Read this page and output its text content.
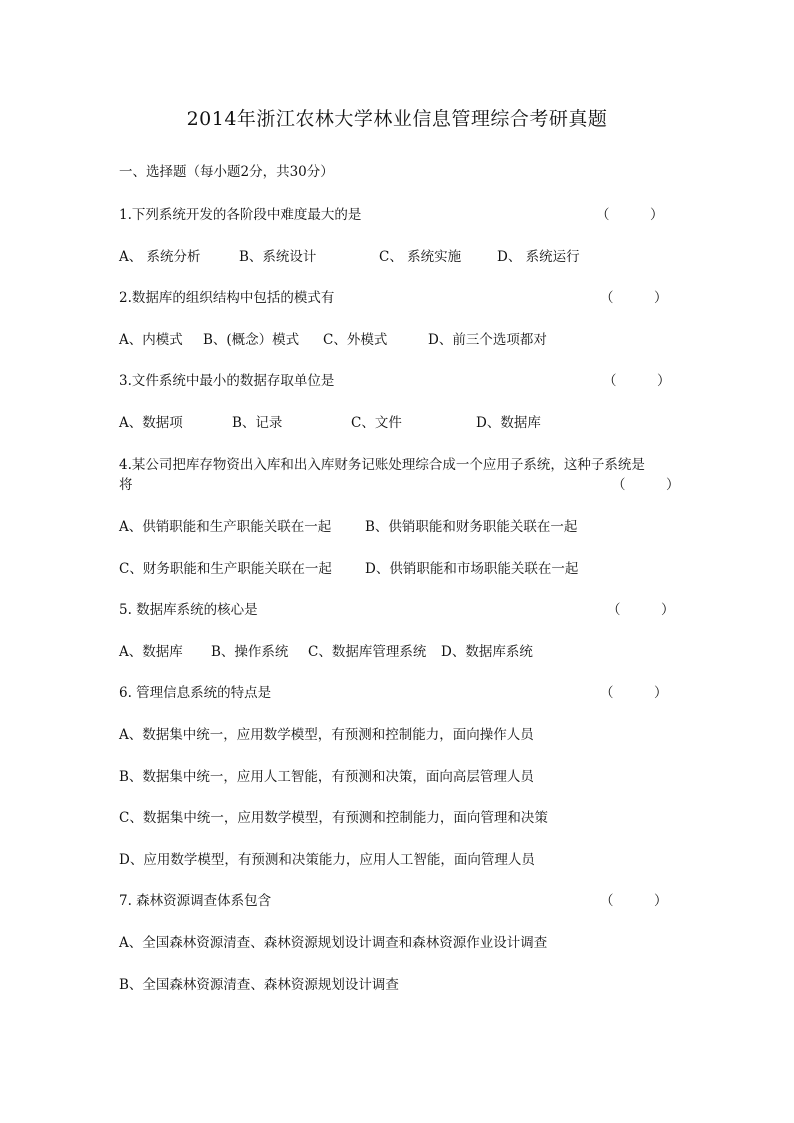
2014年浙江农林大学林业信息管理综合考研真题
一、选择题（每小题2分，共30分）
1.下列系统开发的各阶段中难度最大的是	（　　　）
A、 系统分析	B、系统设计	C、 系统实施	D、 系统运行
2.数据库的组织结构中包括的模式有	（　　　）
A、内模式 B、(概念）模式 C、外模式	D、前三个选项都对
3.文件系统中最小的数据存取单位是	（　　　）
A、数据项	B、记录	C、文件	D、数据库
4.某公司把库存物资出入库和出入库财务记账处理综合成一个应用子系统，这种子系统是
将	（　　　）
A、供销职能和生产职能关联在一起	B、供销职能和财务职能关联在一起
C、财务职能和生产职能关联在一起 D、供销职能和市场职能关联在一起
5. 数据库系统的核心是	（　　　）
A、数据库 B、操作系统 C、数据库管理系统 D、数据库系统
6. 管理信息系统的特点是	（　　　）
A、数据集中统一，应用数学模型，有预测和控制能力，面向操作人员
B、数据集中统一，应用人工智能，有预测和决策，面向高层管理人员
C、数据集中统一，应用数学模型，有预测和控制能力，面向管理和决策
D、应用数学模型，有预测和决策能力，应用人工智能，面向管理人员
7. 森林资源调查体系包含	（　　　）
A、全国森林资源清查、森林资源规划设计调查和森林资源作业设计调查
B、全国森林资源清查、森林资源规划设计调查
